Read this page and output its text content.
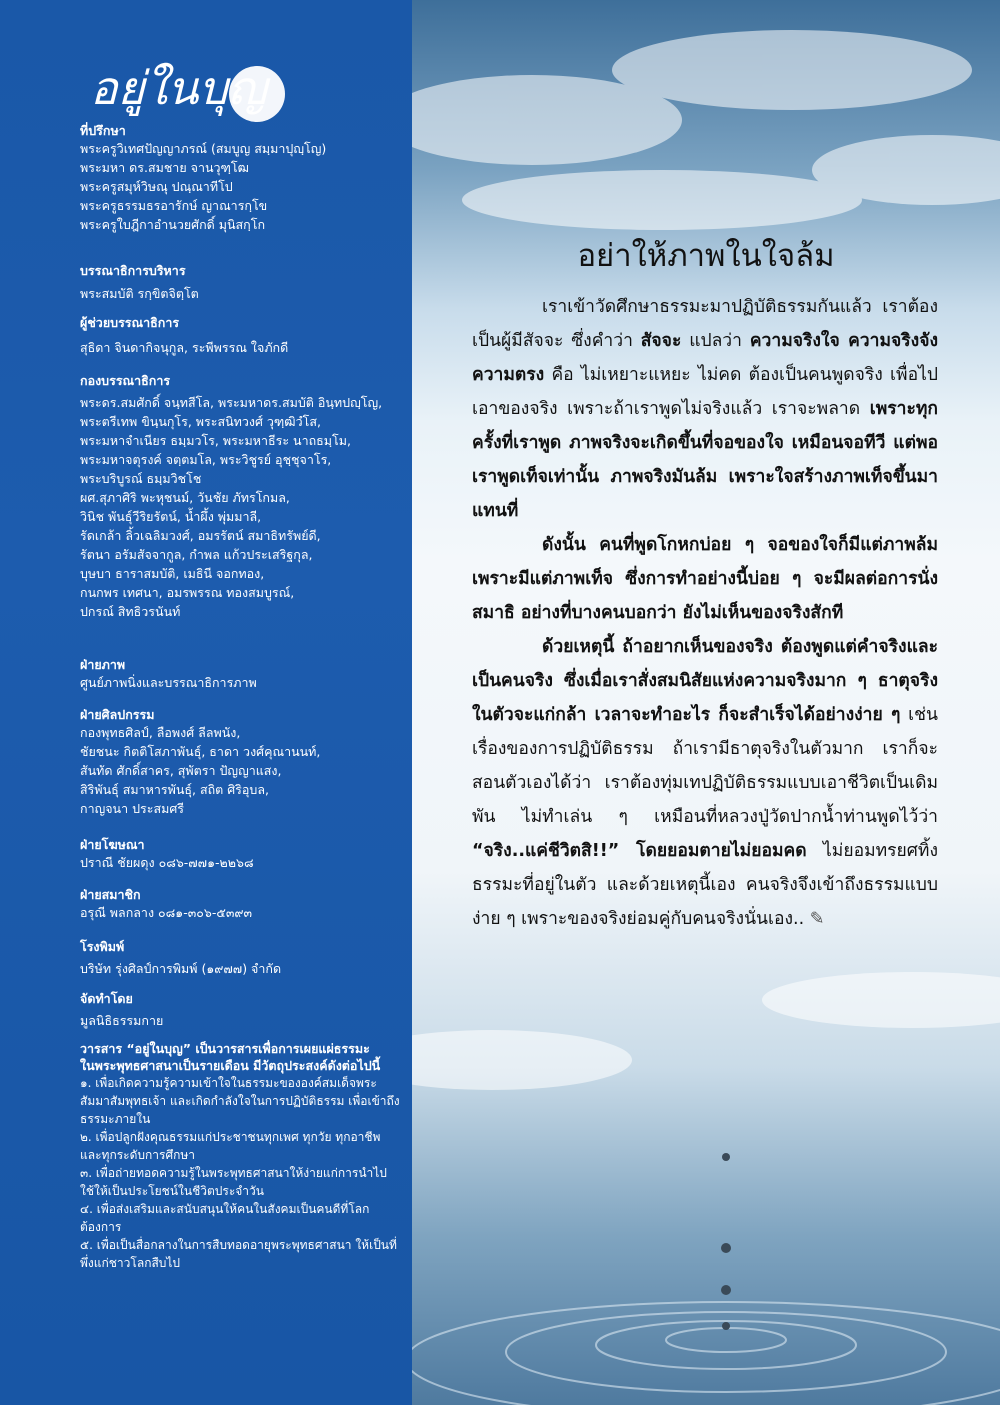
อยู่ในบุญ
ที่ปรึกษา
พระครูวิเทศปัญญาภรณ์ (สมบูญ สมฺมาปุญฺโญ)
พระมหา ดร.สมชาย จานวุฑฺโฒ
พระครูสมุห์วิษณุ ปณฺณาทีโป
พระครูธรรมธรอารักษ์ ญาณารกฺโข
พระครูใบฎีกาอำนวยศักดิ์ มุนิสกฺโก
บรรณาธิการบริหาร
พระสมบัติ รกฺขิตจิตฺโต
ผู้ช่วยบรรณาธิการ
สุธิดา จินดากิจนุกูล, ระพีพรรณ ใจภักดี
กองบรรณาธิการ
พระดร.สมศักดิ์ จนฺทสีโล, พระมหาดร.สมบัติ อินฺทปญฺโญ,
พระตรีเทพ ขินฺนกุโร, พระสนิทวงศ์ วุฑฺฒิวํโส,
พระมหาจำเนียร ธมฺมวโร, พระมหาธีระ นาถธมฺโม,
พระมหาจตุรงค์ จตฺตมโล, พระวิชูรย์ อุชฺชุจาโร,
พระบริบูรณ์ ธมฺมวิชโช
ผศ.สุภาศิริ พะหุชนม์, วันชัย ภัทรโกมล,
วินิช พันธุ์วีริยรัตน์, น้ำผึ้ง พุ่มมาลี,
รัดเกล้า ลิ้วเฉลิมวงศ์, อมรรัตน์ สมาธิทรัพย์ดี,
รัตนา อรัมสัจจากูล, กำพล แก้วประเสริฐกุล,
บุษบา ธาราสมบัติ, เมธินี จอกทอง,
กนกพร เทศนา, อมรพรรณ ทองสมบูรณ์,
ปกรณ์ สิทธิวรนันท์
ฝ่ายภาพ
ศูนย์ภาพนิ่งและบรรณาธิการภาพ
ฝ่ายศิลปกรรม
กองพุทธศิลป์, ลือพงศ์ ลีลพนัง,
ชัยชนะ กิตติโสภาพันธุ์, ธาดา วงศ์คุณานนท์,
สันทัด ศักดิ์สาคร, สุพัตรา ปัญญาแสง,
สิริพันธุ์ สมาหารพันธุ์, สถิต ศิริอุบล,
กาญจนา ประสมศรี
ฝ่ายโฆษณา
ปราณี ชัยผดุง ๐๘๖-๗๗๑-๒๒๖๘
ฝ่ายสมาชิก
อรุณี พลกลาง ๐๘๑-๓๐๖-๕๓๙๓
โรงพิมพ์
บริษัท รุ่งศิลป์การพิมพ์ (๑๙๗๗) จำกัด
จัดทำโดย
มูลนิธิธรรมกาย
วารสาร “อยู่ในบุญ” เป็นวารสารเพื่อการเผยแผ่ธรรมะ
ในพระพุทธศาสนาเป็นรายเดือน มีวัตถุประสงค์ดังต่อไปนี้
๑. เพื่อเกิดความรู้ความเข้าใจในธรรมะขององค์สมเด็จพระสัมมาสัมพุทธเจ้า และเกิดกำลังใจในการปฏิบัติธรรม เพื่อเข้าถึงธรรมะภายใน
๒. เพื่อปลูกฝังคุณธรรมแก่ประชาชนทุกเพศ ทุกวัย ทุกอาชีพและทุกระดับการศึกษา
๓. เพื่อถ่ายทอดความรู้ในพระพุทธศาสนาให้ง่ายแก่การนำไปใช้ให้เป็นประโยชน์ในชีวิตประจำวัน
๔. เพื่อส่งเสริมและสนับสนุนให้คนในสังคมเป็นคนดีที่โลกต้องการ
๕. เพื่อเป็นสื่อกลางในการสืบทอดอายุพระพุทธศาสนา ให้เป็นที่พึ่งแก่ชาวโลกสืบไป
อย่าให้ภาพในใจล้ม

เราเข้าวัดศึกษาธรรมะมาปฏิบัติธรรมกันแล้ว เราต้องเป็นผู้มีสัจจะ ซึ่งคำว่า สัจจะ แปลว่า ความจริงใจ ความจริงจัง ความตรง คือ ไม่เหยาะแหยะ ไม่คด ต้องเป็นคนพูดจริง เพื่อไปเอาของจริง เพราะถ้าเราพูดไม่จริงแล้ว เราจะพลาด เพราะทุกครั้งที่เราพูด ภาพจริงจะเกิดขึ้นที่จอของใจ เหมือนจอทีวี แต่พอเราพูดเท็จเท่านั้น ภาพจริงมันล้ม เพราะใจสร้างภาพเท็จขึ้นมาแทนที่

ดังนั้น คนที่พูดโกหกบ่อย ๆ จอของใจก็มีแต่ภาพล้ม เพราะมีแต่ภาพเท็จ ซึ่งการทำอย่างนี้บ่อย ๆ จะมีผลต่อการนั่งสมาธิ อย่างที่บางคนบอกว่า ยังไม่เห็นของจริงสักที

ด้วยเหตุนี้ ถ้าอยากเห็นของจริง ต้องพูดแต่คำจริงและเป็นคนจริง ซึ่งเมื่อเราสั่งสมนิสัยแห่งความจริงมาก ๆ ธาตุจริงในตัวจะแก่กล้า เวลาจะทำอะไร ก็จะสำเร็จได้อย่างง่าย ๆ เช่น เรื่องของการปฏิบัติธรรม ถ้าเรามีธาตุจริงในตัวมาก เราก็จะสอนตัวเองได้ว่า เราต้องทุ่มเทปฏิบัติธรรมแบบเอาชีวิตเป็นเดิมพัน ไม่ทำเล่น ๆ เหมือนที่หลวงปู่วัดปากน้ำท่านพูดไว้ว่า “จริง..แค่ชีวิตสิ!!” โดยยอมตายไม่ยอมคด ไม่ยอมทรยศทิ้งธรรมะที่อยู่ในตัว และด้วยเหตุนี้เอง คนจริงจึงเข้าถึงธรรมแบบง่าย ๆ เพราะของจริงย่อมคู่กับคนจริงนั่นเอง.. ✎
